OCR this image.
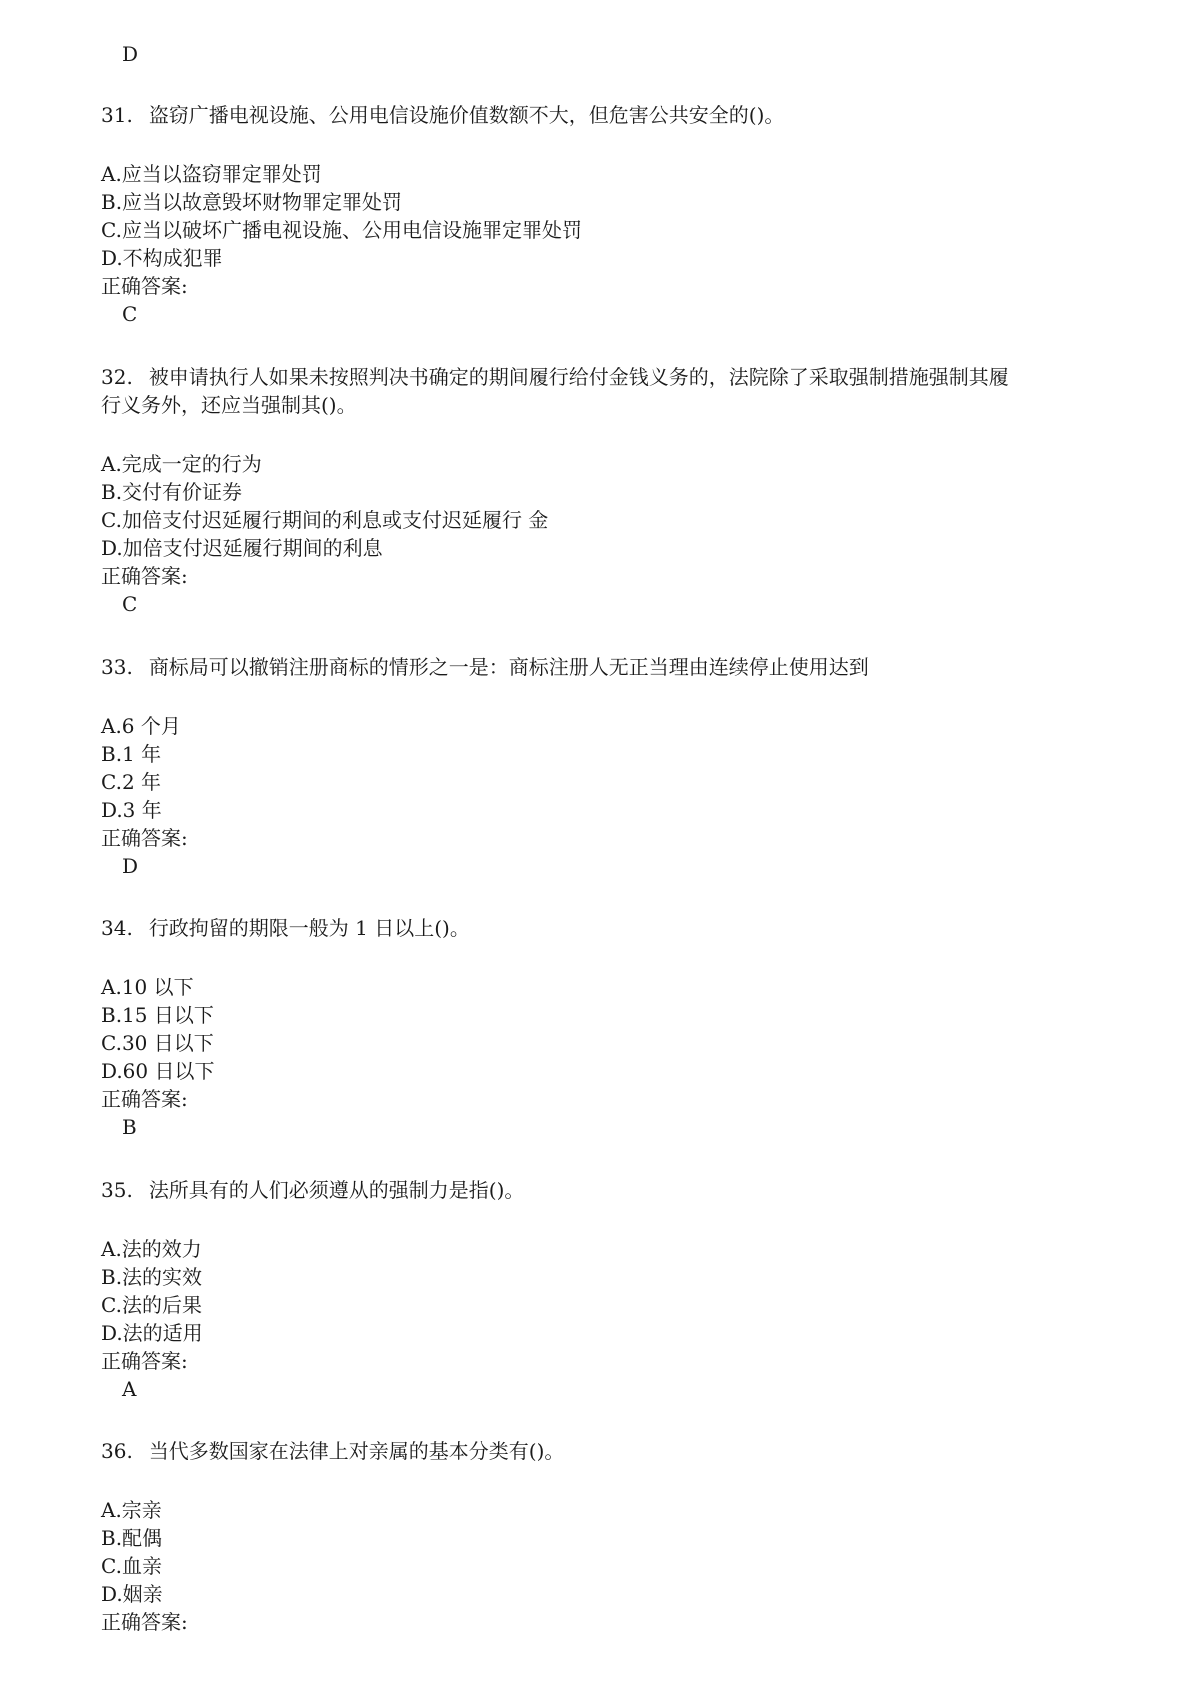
D
31. 盗窃广播电视设施、公用电信设施价值数额不大，但危害公共安全的()。
A.应当以盗窃罪定罪处罚
B.应当以故意毁坏财物罪定罪处罚
C.应当以破坏广播电视设施、公用电信设施罪定罪处罚
D.不构成犯罪
正确答案:
C
32. 被申请执行人如果未按照判决书确定的期间履行给付金钱义务的，法院除了采取强制措施强制其履
行义务外，还应当强制其()。
A.完成一定的行为
B.交付有价证券
C.加倍支付迟延履行期间的利息或支付迟延履行 金
D.加倍支付迟延履行期间的利息
正确答案:
C
33. 商标局可以撤销注册商标的情形之一是：商标注册人无正当理由连续停止使用达到
A.6 个月
B.1 年
C.2 年
D.3 年
正确答案:
D
34. 行政拘留的期限一般为 1 日以上()。
A.10 以下
B.15 日以下
C.30 日以下
D.60 日以下
正确答案:
B
35. 法所具有的人们必须遵从的强制力是指()。
A.法的效力
B.法的实效
C.法的后果
D.法的适用
正确答案:
A
36. 当代多数国家在法律上对亲属的基本分类有()。
A.宗亲
B.配偶
C.血亲
D.姻亲
正确答案:
